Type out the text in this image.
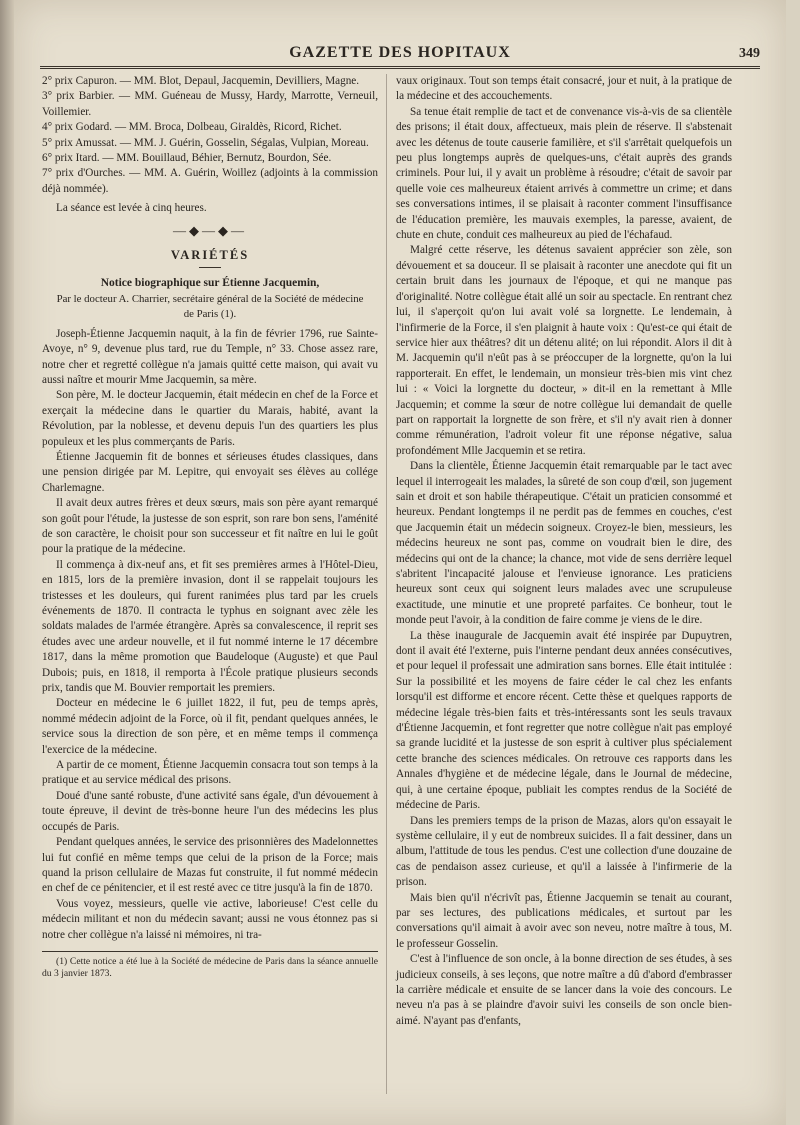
GAZETTE DES HOPITAUX	349

2° prix Capuron. — MM. Blot, Depaul, Jacquemin, Devilliers, Magne.

3° prix Barbier. — MM. Guéneau de Mussy, Hardy, Marrotte, Verneuil, Voillemier.

4° prix Godard. — MM. Broca, Dolbeau, Giraldès, Ricord, Richet.

5° prix Amussat. — MM. J. Guérin, Gosselin, Ségalas, Vulpian, Moreau.

6° prix Itard. — MM. Bouillaud, Béhier, Bernutz, Bourdon, Sée.

7° prix d'Ourches. — MM. A. Guérin, Woillez (adjoints à la commission déjà nommée).

La séance est levée à cinq heures.

—◆—◆—
VARIÉTÉS
Notice biographique sur Étienne Jacquemin,
Par le docteur A. Charrier, secrétaire général de la Société de médecine
de Paris (1).

Joseph-Étienne Jacquemin naquit, à la fin de février 1796, rue Sainte-Avoye, n° 9, devenue plus tard, rue du Temple, n° 33. Chose assez rare, notre cher et regretté collègue n'a jamais quitté cette maison, qui avait vu aussi naître et mourir Mme Jacquemin, sa mère.

Son père, M. le docteur Jacquemin, était médecin en chef de la Force et exerçait la médecine dans le quartier du Marais, habité, avant la Révolution, par la noblesse, et devenu depuis l'un des quartiers les plus populeux et les plus commerçants de Paris.

Étienne Jacquemin fit de bonnes et sérieuses études classiques, dans une pension dirigée par M. Lepitre, qui envoyait ses élèves au collége Charlemagne.

Il avait deux autres frères et deux sœurs, mais son père ayant remarqué son goût pour l'étude, la justesse de son esprit, son rare bon sens, l'aménité de son caractère, le choisit pour son successeur et fit naître en lui le goût pour la pratique de la médecine.

Il commença à dix-neuf ans, et fit ses premières armes à l'Hôtel-Dieu, en 1815, lors de la première invasion, dont il se rappelait toujours les tristesses et les douleurs, qui furent ranimées plus tard par les cruels événements de 1870. Il contracta le typhus en soignant avec zèle les soldats malades de l'armée étrangère. Après sa convalescence, il reprit ses études avec une ardeur nouvelle, et il fut nommé interne le 17 décembre 1817, dans la même promotion que Baudeloque (Auguste) et que Paul Dubois; puis, en 1818, il remporta à l'École pratique plusieurs seconds prix, tandis que M. Bouvier remportait les premiers.

Docteur en médecine le 6 juillet 1822, il fut, peu de temps après, nommé médecin adjoint de la Force, où il fit, pendant quelques années, le service sous la direction de son père, et en même temps il commença l'exercice de la médecine.

A partir de ce moment, Étienne Jacquemin consacra tout son temps à la pratique et au service médical des prisons.

Doué d'une santé robuste, d'une activité sans égale, d'un dévouement à toute épreuve, il devint de très-bonne heure l'un des médecins les plus occupés de Paris.

Pendant quelques années, le service des prisonnières des Madelonnettes lui fut confié en même temps que celui de la prison de la Force; mais quand la prison cellulaire de Mazas fut construite, il fut nommé médecin en chef de ce pénitencier, et il est resté avec ce titre jusqu'à la fin de 1870.

Vous voyez, messieurs, quelle vie active, laborieuse! C'est celle du médecin militant et non du médecin savant; aussi ne vous étonnez pas si notre cher collègue n'a laissé ni mémoires, ni tra-

(1) Cette notice a été lue à la Société de médecine de Paris dans la séance annuelle du 3 janvier 1873.

vaux originaux. Tout son temps était consacré, jour et nuit, à la pratique de la médecine et des accouchements.

Sa tenue était remplie de tact et de convenance vis-à-vis de sa clientèle des prisons; il était doux, affectueux, mais plein de réserve. Il s'abstenait avec les détenus de toute causerie familière, et s'il s'arrêtait quelquefois un peu plus longtemps auprès de quelques-uns, c'était auprès des grands criminels. Pour lui, il y avait un problème à résoudre; c'était de savoir par quelle voie ces malheureux étaient arrivés à commettre un crime; et dans ses conversations intimes, il se plaisait à raconter comment l'insuffisance de l'éducation première, les mauvais exemples, la paresse, avaient, de chute en chute, conduit ces malheureux au pied de l'échafaud.

Malgré cette réserve, les détenus savaient apprécier son zèle, son dévouement et sa douceur. Il se plaisait à raconter une anecdote qui fit un certain bruit dans les journaux de l'époque, et qui ne manque pas d'originalité. Notre collègue était allé un soir au spectacle. En rentrant chez lui, il s'aperçoit qu'on lui avait volé sa lorgnette. Le lendemain, à l'infirmerie de la Force, il s'en plaignit à haute voix : Qu'est-ce qui était de service hier aux théâtres? dit un détenu alité; on lui répondit. Alors il dit à M. Jacquemin qu'il n'eût pas à se préoccuper de la lorgnette, qu'on la lui rapporterait. En effet, le lendemain, un monsieur très-bien mis vint chez lui : « Voici la lorgnette du docteur, » dit-il en la remettant à Mlle Jacquemin; et comme la sœur de notre collègue lui demandait de quelle part on rapportait la lorgnette de son frère, et s'il n'y avait rien à donner comme rémunération, l'adroit voleur fit une réponse négative, salua profondément Mlle Jacquemin et se retira.

Dans la clientèle, Étienne Jacquemin était remarquable par le tact avec lequel il interrogeait les malades, la sûreté de son coup d'œil, son jugement sain et droit et son habile thérapeutique. C'était un praticien consommé et heureux. Pendant longtemps il ne perdit pas de femmes en couches, c'est que Jacquemin était un médecin soigneux. Croyez-le bien, messieurs, les médecins heureux ne sont pas, comme on voudrait bien le dire, des médecins qui ont de la chance; la chance, mot vide de sens derrière lequel s'abritent l'incapacité jalouse et l'envieuse ignorance. Les praticiens heureux sont ceux qui soignent leurs malades avec une scrupuleuse exactitude, une minutie et une propreté parfaites. Ce bonheur, tout le monde peut l'avoir, à la condition de faire comme je viens de le dire.

La thèse inaugurale de Jacquemin avait été inspirée par Dupuytren, dont il avait été l'externe, puis l'interne pendant deux années consécutives, et pour lequel il professait une admiration sans bornes. Elle était intitulée : Sur la possibilité et les moyens de faire céder le cal chez les enfants lorsqu'il est difforme et encore récent. Cette thèse et quelques rapports de médecine légale très-bien faits et très-intéressants sont les seuls travaux d'Étienne Jacquemin, et font regretter que notre collègue n'ait pas employé sa grande lucidité et la justesse de son esprit à cultiver plus spécialement cette branche des sciences médicales. On retrouve ces rapports dans les Annales d'hygiène et de médecine légale, dans le Journal de médecine, qui, à une certaine époque, publiait les comptes rendus de la Société de médecine de Paris.

Dans les premiers temps de la prison de Mazas, alors qu'on essayait le système cellulaire, il y eut de nombreux suicides. Il a fait dessiner, dans un album, l'attitude de tous les pendus. C'est une collection d'une douzaine de cas de pendaison assez curieuse, et qu'il a laissée à l'infirmerie de la prison.

Mais bien qu'il n'écrivît pas, Étienne Jacquemin se tenait au courant, par ses lectures, des publications médicales, et surtout par les conversations qu'il aimait à avoir avec son neveu, notre maître à tous, M. le professeur Gosselin.

C'est à l'influence de son oncle, à la bonne direction de ses études, à ses judicieux conseils, à ses leçons, que notre maître a dû d'abord d'embrasser la carrière médicale et ensuite de se lancer dans la voie des concours. Le neveu n'a pas à se plaindre d'avoir suivi les conseils de son oncle bien-aimé. N'ayant pas d'enfants,
